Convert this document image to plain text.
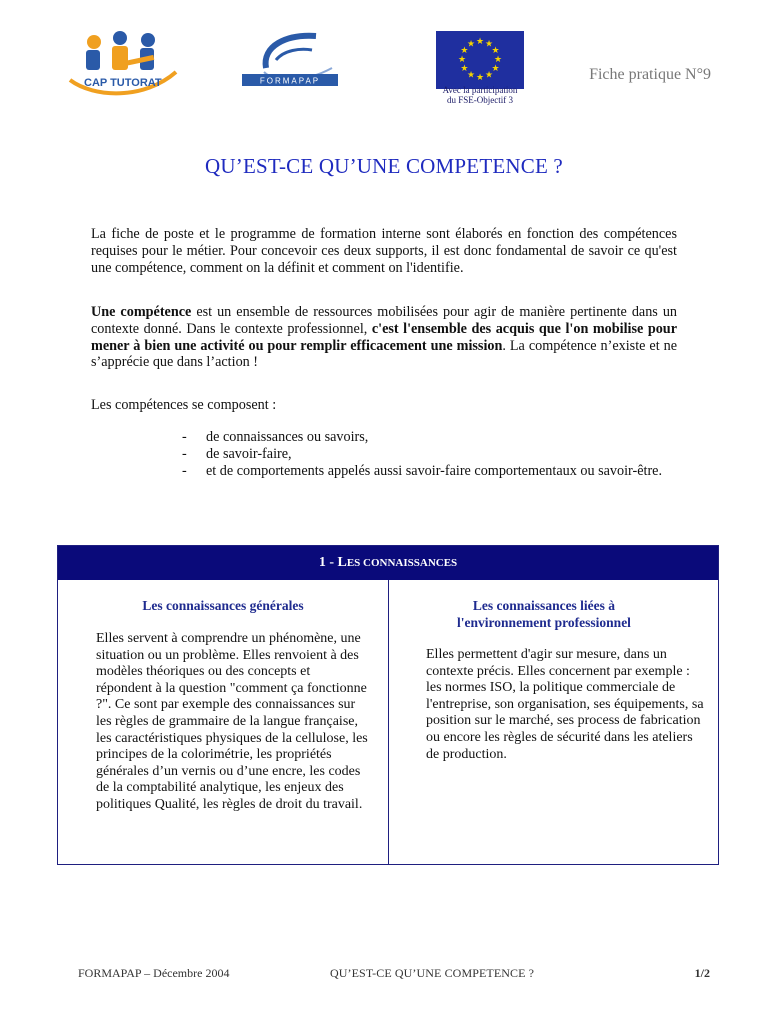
CAP TUTORAT	FORMAPAP
★ ★
★
★
★
★
★
★
★
★
★
★
Avec la participation
du FSE-Objectif 3
Fiche pratique N°9
QU’EST-CE QU’UNE COMPETENCE ?
La fiche de poste et le programme de formation interne sont élaborés en fonction des compétences requises pour le métier. Pour concevoir ces deux supports, il est donc fondamental de savoir ce qu'est une compétence, comment on la définit et comment on l'identifie.
Une compétence est un ensemble de ressources mobilisées pour agir de manière pertinente dans un contexte donné. Dans le contexte professionnel, c'est l'ensemble des acquis que l'on mobilise pour mener à bien une activité ou pour remplir efficacement une mission. La compétence n’existe et ne s’apprécie que dans l’action !
Les compétences se composent :
- de connaissances ou savoirs,
- de savoir-faire,
- et de comportements appelés aussi savoir-faire comportementaux ou savoir-être.
1 - LES CONNAISSANCES
Les connaissances générales
Elles servent à comprendre un phénomène, une situation ou un problème. Elles renvoient à des modèles théoriques ou des concepts et répondent à la question "comment ça fonctionne ?". Ce sont par exemple des connaissances sur les règles de grammaire de la langue française, les caractéristiques physiques de la cellulose, les principes de la colorimétrie, les propriétés générales d’un vernis ou d’une encre, les codes de la comptabilité analytique, les enjeux des politiques Qualité, les règles de droit du travail.
Les connaissances liées à
l'environnement professionnel
Elles permettent d'agir sur mesure, dans un contexte précis. Elles concernent par exemple : les normes ISO, la politique commerciale de l'entreprise, son organisation, ses équipements, sa position sur le marché, ses process de fabrication ou encore les règles de sécurité dans les ateliers de production.
FORMAPAP – Décembre 2004	QU’EST-CE QU’UNE COMPETENCE ?	1/2
